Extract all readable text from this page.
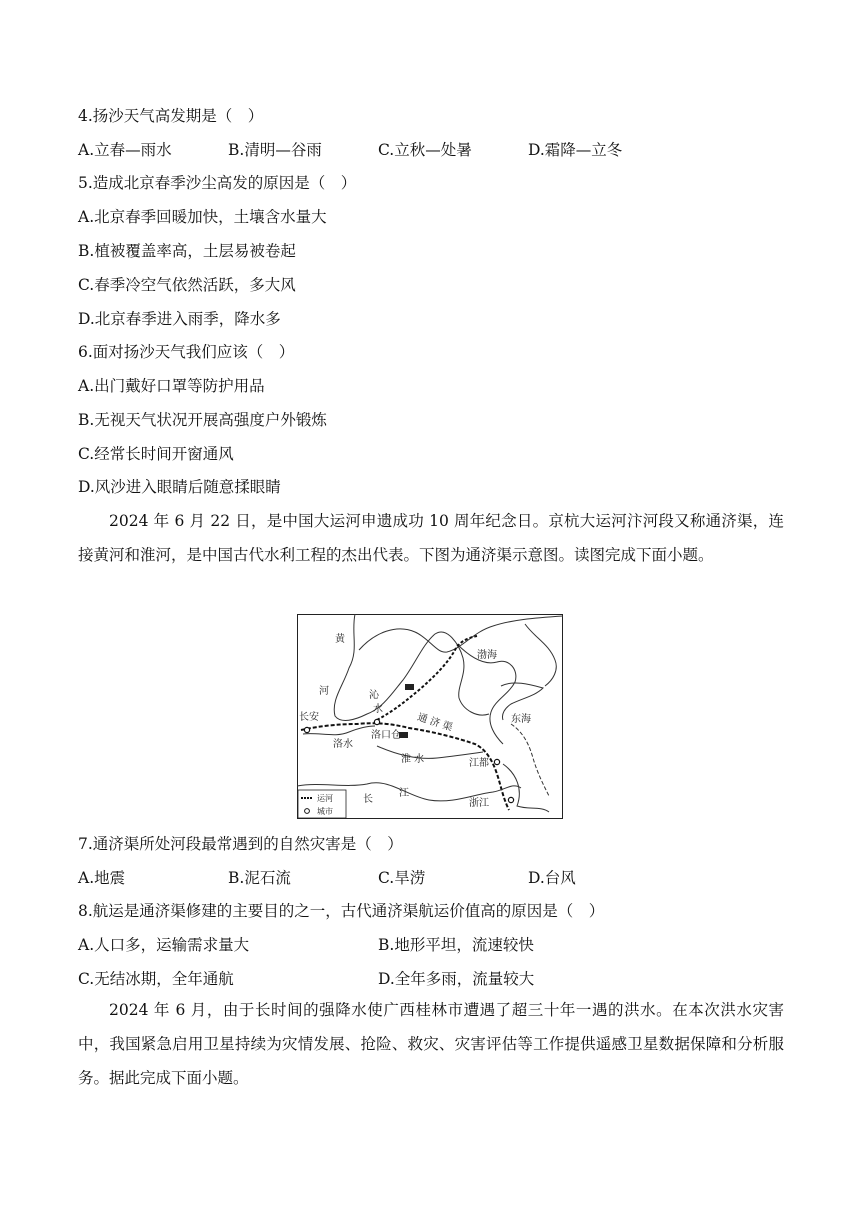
4.扬沙天气高发期是（　）
A.立春—雨水	B.清明—谷雨	C.立秋—处暑	D.霜降—立冬
5.造成北京春季沙尘高发的原因是（　）
A.北京春季回暖加快，土壤含水量大
B.植被覆盖率高，土层易被卷起
C.春季冷空气依然活跃，多大风
D.北京春季进入雨季，降水多
6.面对扬沙天气我们应该（　）
A.出门戴好口罩等防护用品
B.无视天气状况开展高强度户外锻炼
C.经常长时间开窗通风
D.风沙进入眼睛后随意揉眼睛

2024 年 6 月 22 日，是中国大运河申遗成功 10 周年纪念日。京杭大运河汴河段又称通济渠，连接黄河和淮河，是中国古代水利工程的杰出代表。下图为通济渠示意图。读图完成下面小题。

黄
河
渤海
沁
水
长安	通 济 渠
洛口仓
洛水
东海
淮 水	江都
长
江
浙江
运河
城市
7.通济渠所处河段最常遇到的自然灾害是（　）
A.地震	B.泥石流	C.旱涝	D.台风
8.航运是通济渠修建的主要目的之一，古代通济渠航运价值高的原因是（　）
A.人口多，运输需求量大	B.地形平坦，流速较快
C.无结冰期，全年通航	D.全年多雨，流量较大

2024 年 6 月，由于长时间的强降水使广西桂林市遭遇了超三十年一遇的洪水。在本次洪水灾害中，我国紧急启用卫星持续为灾情发展、抢险、救灾、灾害评估等工作提供遥感卫星数据保障和分析服务。据此完成下面小题。
